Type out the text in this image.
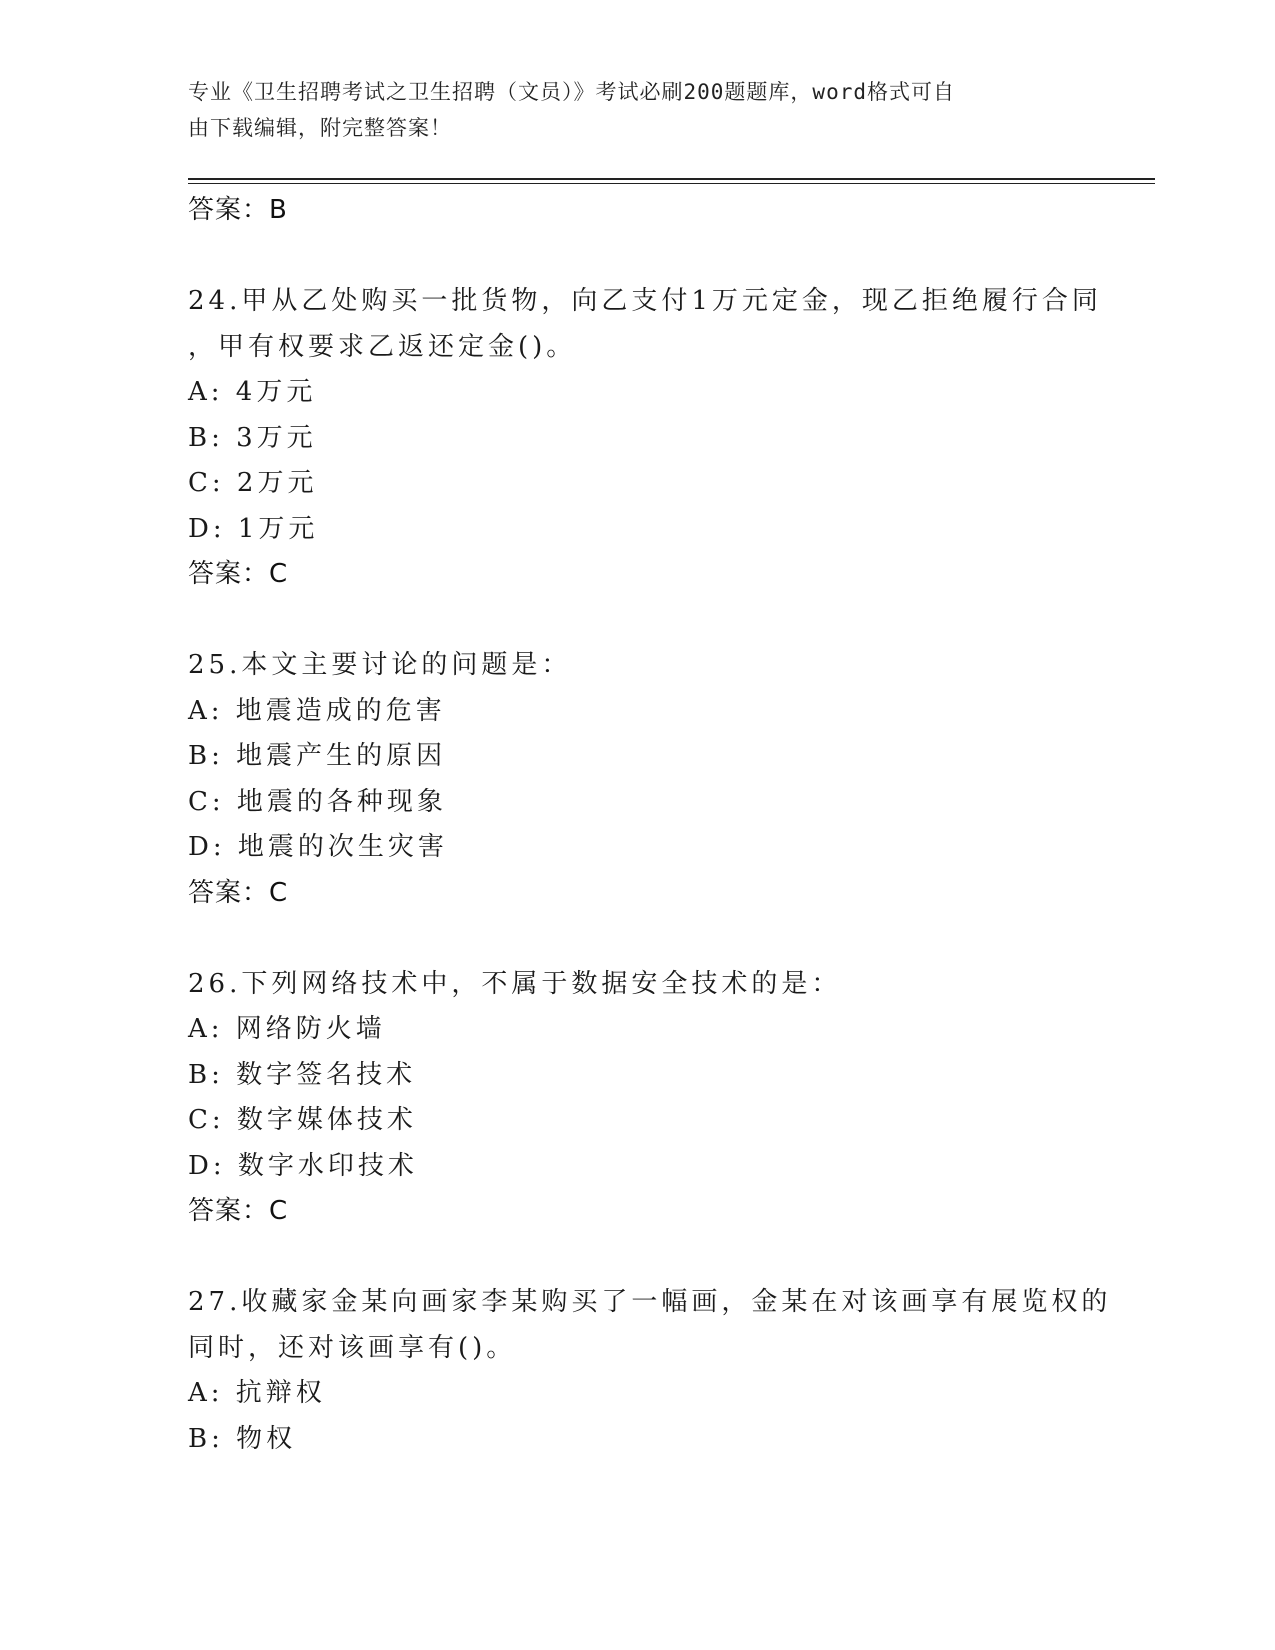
专业《卫生招聘考试之卫生招聘（文员）》考试必刷200题题库，word格式可自
由下载编辑，附完整答案！
答案：B
24.甲从乙处购买一批货物，向乙支付1万元定金，现乙拒绝履行合同
，甲有权要求乙返还定金()。
A: 4万元
B: 3万元
C: 2万元
D: 1万元
答案：C
25.本文主要讨论的问题是：
A: 地震造成的危害
B: 地震产生的原因
C: 地震的各种现象
D: 地震的次生灾害
答案：C
26.下列网络技术中，不属于数据安全技术的是：
A: 网络防火墙
B: 数字签名技术
C: 数字媒体技术
D: 数字水印技术
答案：C
27.收藏家金某向画家李某购买了一幅画，金某在对该画享有展览权的
同时，还对该画享有()。
A: 抗辩权
B: 物权
